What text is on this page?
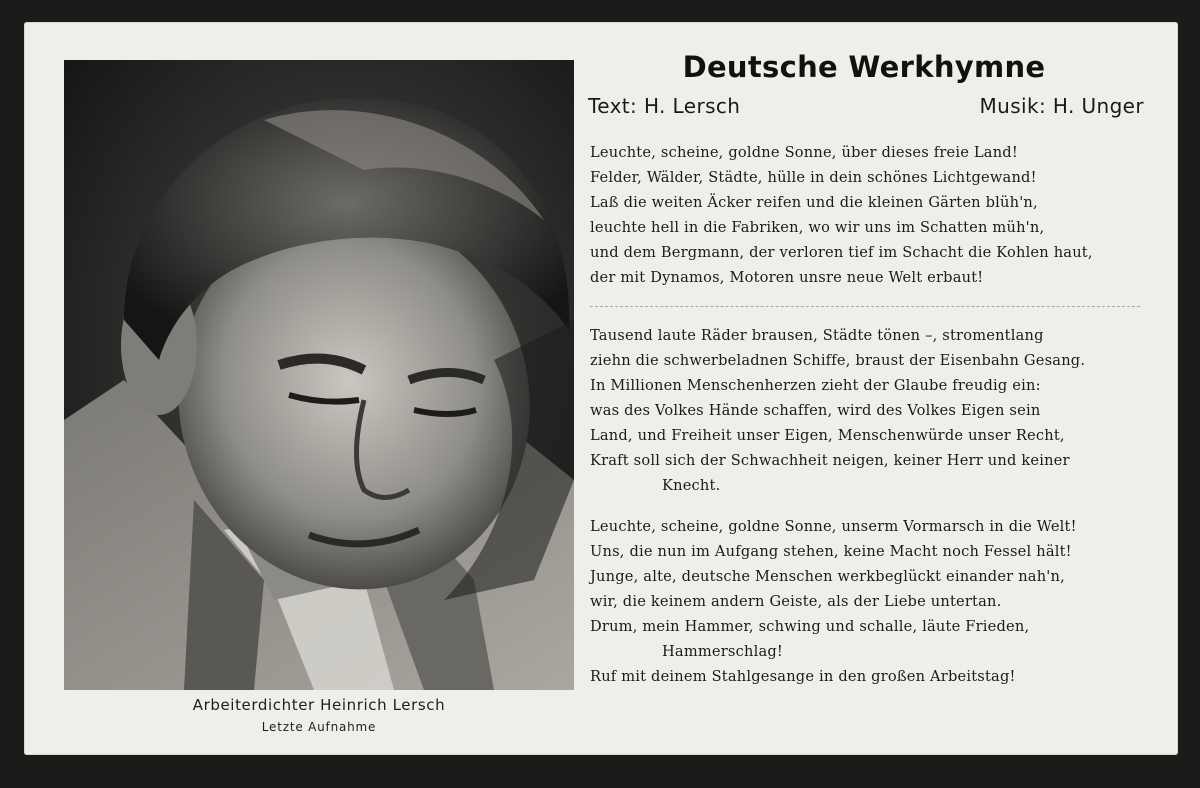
Arbeiterdichter Heinrich Lersch
Letzte Aufnahme
Deutsche Werkhymne
Text: H. Lersch	Musik: H. Unger
Leuchte, scheine, goldne Sonne, über dieses freie Land!
Felder, Wälder, Städte, hülle in dein schönes Lichtgewand!
Laß die weiten Äcker reifen und die kleinen Gärten blüh'n,
leuchte hell in die Fabriken, wo wir uns im Schatten müh'n,
und dem Bergmann, der verloren tief im Schacht die Kohlen haut,
der mit Dynamos, Motoren unsre neue Welt erbaut!
Tausend laute Räder brausen, Städte tönen –, stromentlang
ziehn die schwerbeladnen Schiffe, braust der Eisenbahn Gesang.
In Millionen Menschenherzen zieht der Glaube freudig ein:
was des Volkes Hände schaffen, wird des Volkes Eigen sein
Land, und Freiheit unser Eigen, Menschenwürde unser Recht,
Kraft soll sich der Schwachheit neigen, keiner Herr und keiner
Knecht.
Leuchte, scheine, goldne Sonne, unserm Vormarsch in die Welt!
Uns, die nun im Aufgang stehen, keine Macht noch Fessel hält!
Junge, alte, deutsche Menschen werkbeglückt einander nah'n,
wir, die keinem andern Geiste, als der Liebe untertan.
Drum, mein Hammer, schwing und schalle, läute Frieden,
Hammerschlag!
Ruf mit deinem Stahlgesange in den großen Arbeitstag!
